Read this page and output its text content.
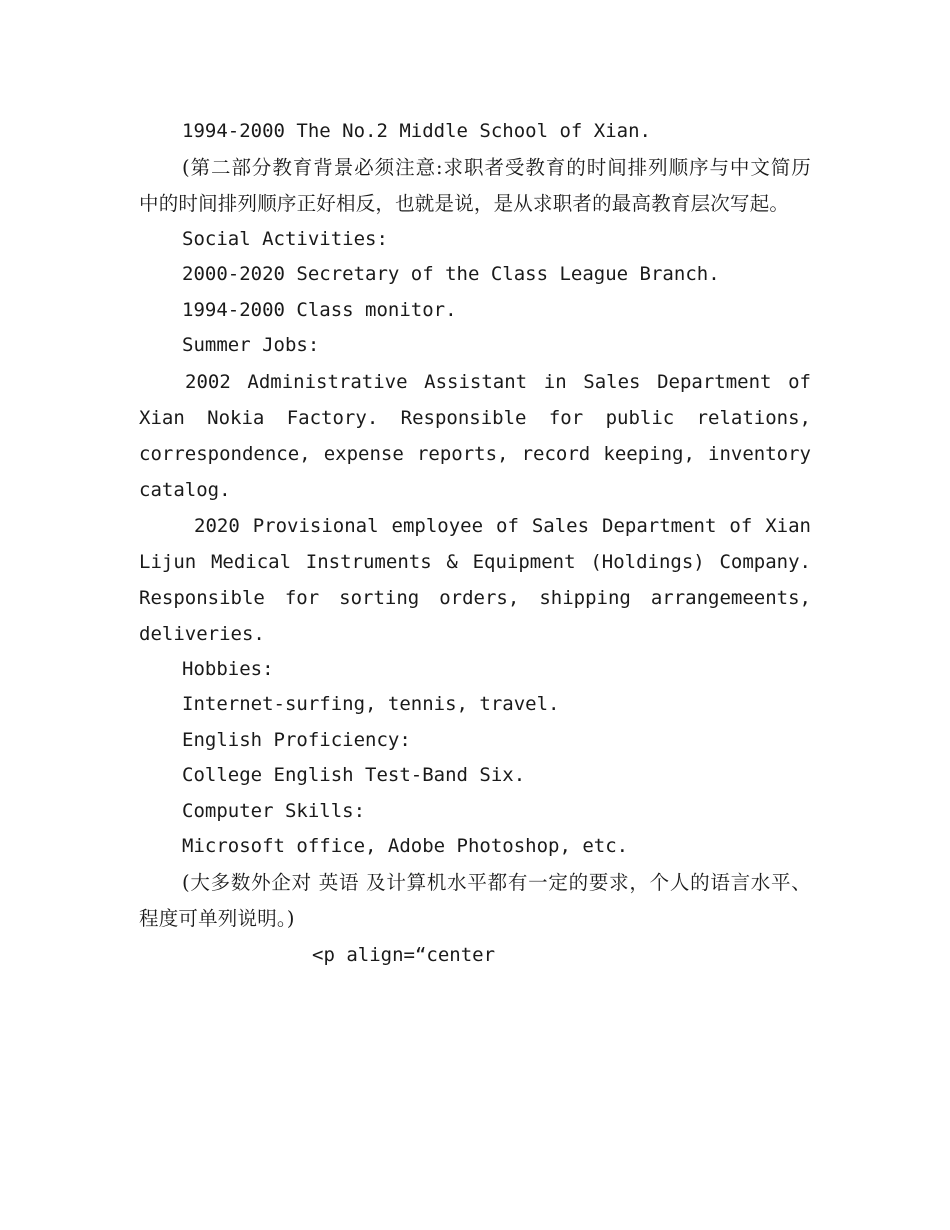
1994-2000 The No.2 Middle School of Xian.

(第二部分教育背景必须注意:求职者受教育的时间排列顺序与中文简历 中的时间排列顺序正好相反，也就是说，是从求职者的最高教育层次写起。

Social Activities:
2000-2020 Secretary of the Class League Branch.
1994-2000 Class monitor.
Summer Jobs:

2002 Administrative Assistant in Sales Department of Xian Nokia Factory. Responsible for public relations, correspondence, expense reports, record keeping, inventory catalog.

2020 Provisional employee of Sales Department of Xian Lijun Medical Instruments & Equipment (Holdings) Company. Responsible for sorting orders, shipping arrangemeents, deliveries.

Hobbies:
Internet-surfing, tennis, travel.
English Proficiency:
College English Test-Band Six.
Computer Skills:
Microsoft office, Adobe Photoshop, etc.

(大多数外企对 英语 及计算机水平都有一定的要求，个人的语言水平、程度可单列说明。)

<p align=“center
